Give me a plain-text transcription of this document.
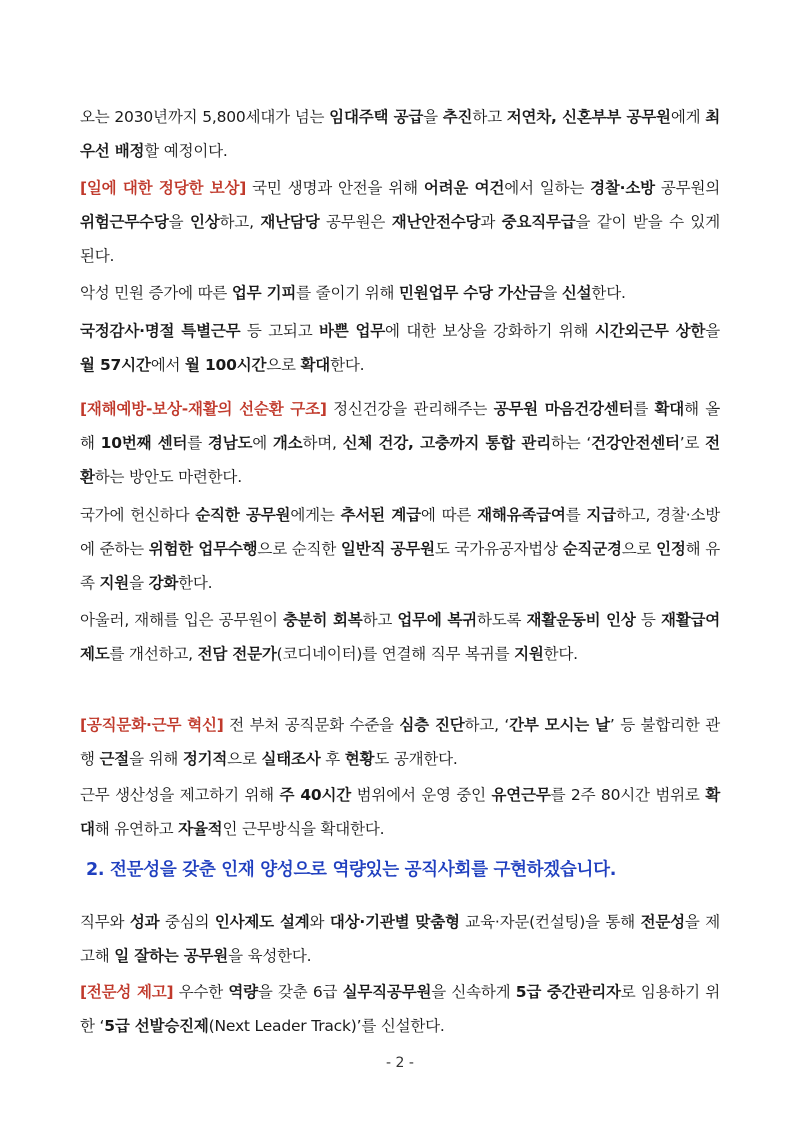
오는 2030년까지 5,800세대가 넘는 임대주택 공급을 추진하고 저연차, 신혼부부 공무원에게 최우선 배정할 예정이다.
[일에 대한 정당한 보상] 국민 생명과 안전을 위해 어려운 여건에서 일하는 경찰·소방 공무원의 위험근무수당을 인상하고, 재난담당 공무원은 재난안전수당과 중요직무급을 같이 받을 수 있게 된다.
악성 민원 증가에 따른 업무 기피를 줄이기 위해 민원업무 수당 가산금을 신설한다.
국정감사·명절 특별근무 등 고되고 바쁜 업무에 대한 보상을 강화하기 위해 시간외근무 상한을 월 57시간에서 월 100시간으로 확대한다.
[재해예방-보상-재활의 선순환 구조] 정신건강을 관리해주는 공무원 마음건강센터를 확대해 올해 10번째 센터를 경남도에 개소하며, 신체 건강, 고충까지 통합 관리하는 ‘건강안전센터’로 전환하는 방안도 마련한다.
국가에 헌신하다 순직한 공무원에게는 추서된 계급에 따른 재해유족급여를 지급하고, 경찰·소방에 준하는 위험한 업무수행으로 순직한 일반직 공무원도 국가유공자법상 순직군경으로 인정해 유족 지원을 강화한다.
아울러, 재해를 입은 공무원이 충분히 회복하고 업무에 복귀하도록 재활운동비 인상 등 재활급여 제도를 개선하고, 전담 전문가(코디네이터)를 연결해 직무 복귀를 지원한다.
[공직문화·근무 혁신] 전 부처 공직문화 수준을 심층 진단하고, ‘간부 모시는 날’ 등 불합리한 관행 근절을 위해 정기적으로 실태조사 후 현황도 공개한다.
근무 생산성을 제고하기 위해 주 40시간 범위에서 운영 중인 유연근무를 2주 80시간 범위로 확대해 유연하고 자율적인 근무방식을 확대한다.
2. 전문성을 갖춘 인재 양성으로 역량있는 공직사회를 구현하겠습니다.
직무와 성과 중심의 인사제도 설계와 대상·기관별 맞춤형 교육·자문(컨설팅)을 통해 전문성을 제고해 일 잘하는 공무원을 육성한다.
[전문성 제고] 우수한 역량을 갖춘 6급 실무직공무원을 신속하게 5급 중간관리자로 임용하기 위한 ‘5급 선발승진제(Next Leader Track)’를 신설한다.
- 2 -
